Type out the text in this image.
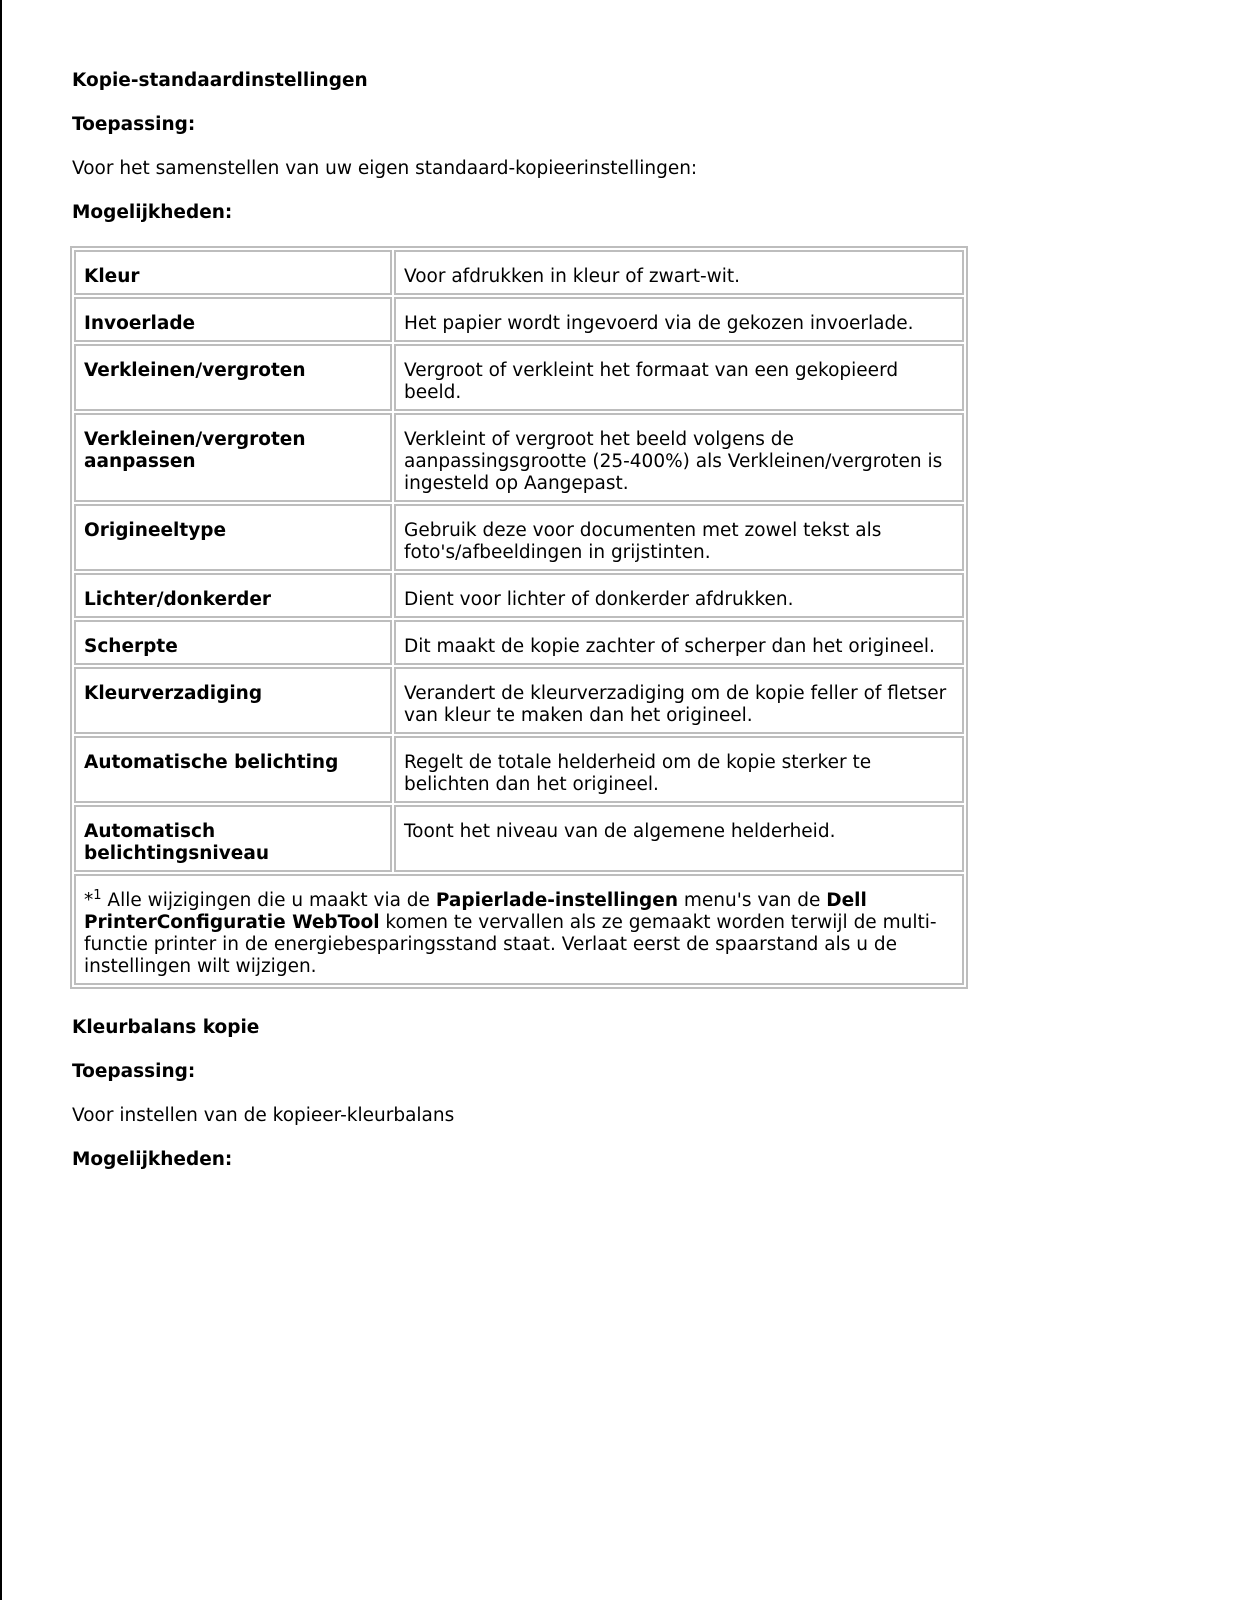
Kopie-standaardinstellingen
Toepassing:
Voor het samenstellen van uw eigen standaard-kopieerinstellingen:
Mogelijkheden:
Kleur	Voor afdrukken in kleur of zwart-wit.
Invoerlade	Het papier wordt ingevoerd via de gekozen invoerlade.
Verkleinen/vergroten	Vergroot of verkleint het formaat van een gekopieerd beeld.
Verkleinen/vergroten aanpassen	Verkleint of vergroot het beeld volgens de aanpassingsgrootte (25-400%) als Verkleinen/vergroten is ingesteld op Aangepast.
Origineeltype	Gebruik deze voor documenten met zowel tekst als foto's/afbeeldingen in grijstinten.
Lichter/donkerder	Dient voor lichter of donkerder afdrukken.
Scherpte	Dit maakt de kopie zachter of scherper dan het origineel.
Kleurverzadiging	Verandert de kleurverzadiging om de kopie feller of fletser van kleur te maken dan het origineel.
Automatische belichting	Regelt de totale helderheid om de kopie sterker te belichten dan het origineel.
Automatisch belichtingsniveau	Toont het niveau van de algemene helderheid.
*$^1$ Alle wijzigingen die u maakt via de Papierlade-instellingen menu's van de Dell PrinterConfiguratie WebTool komen te vervallen als ze gemaakt worden terwijl de multi-functie printer in de energiebesparingsstand staat. Verlaat eerst de spaarstand als u de instellingen wilt wijzigen.	
Kleurbalans kopie
Toepassing:
Voor instellen van de kopieer-kleurbalans
Mogelijkheden:
